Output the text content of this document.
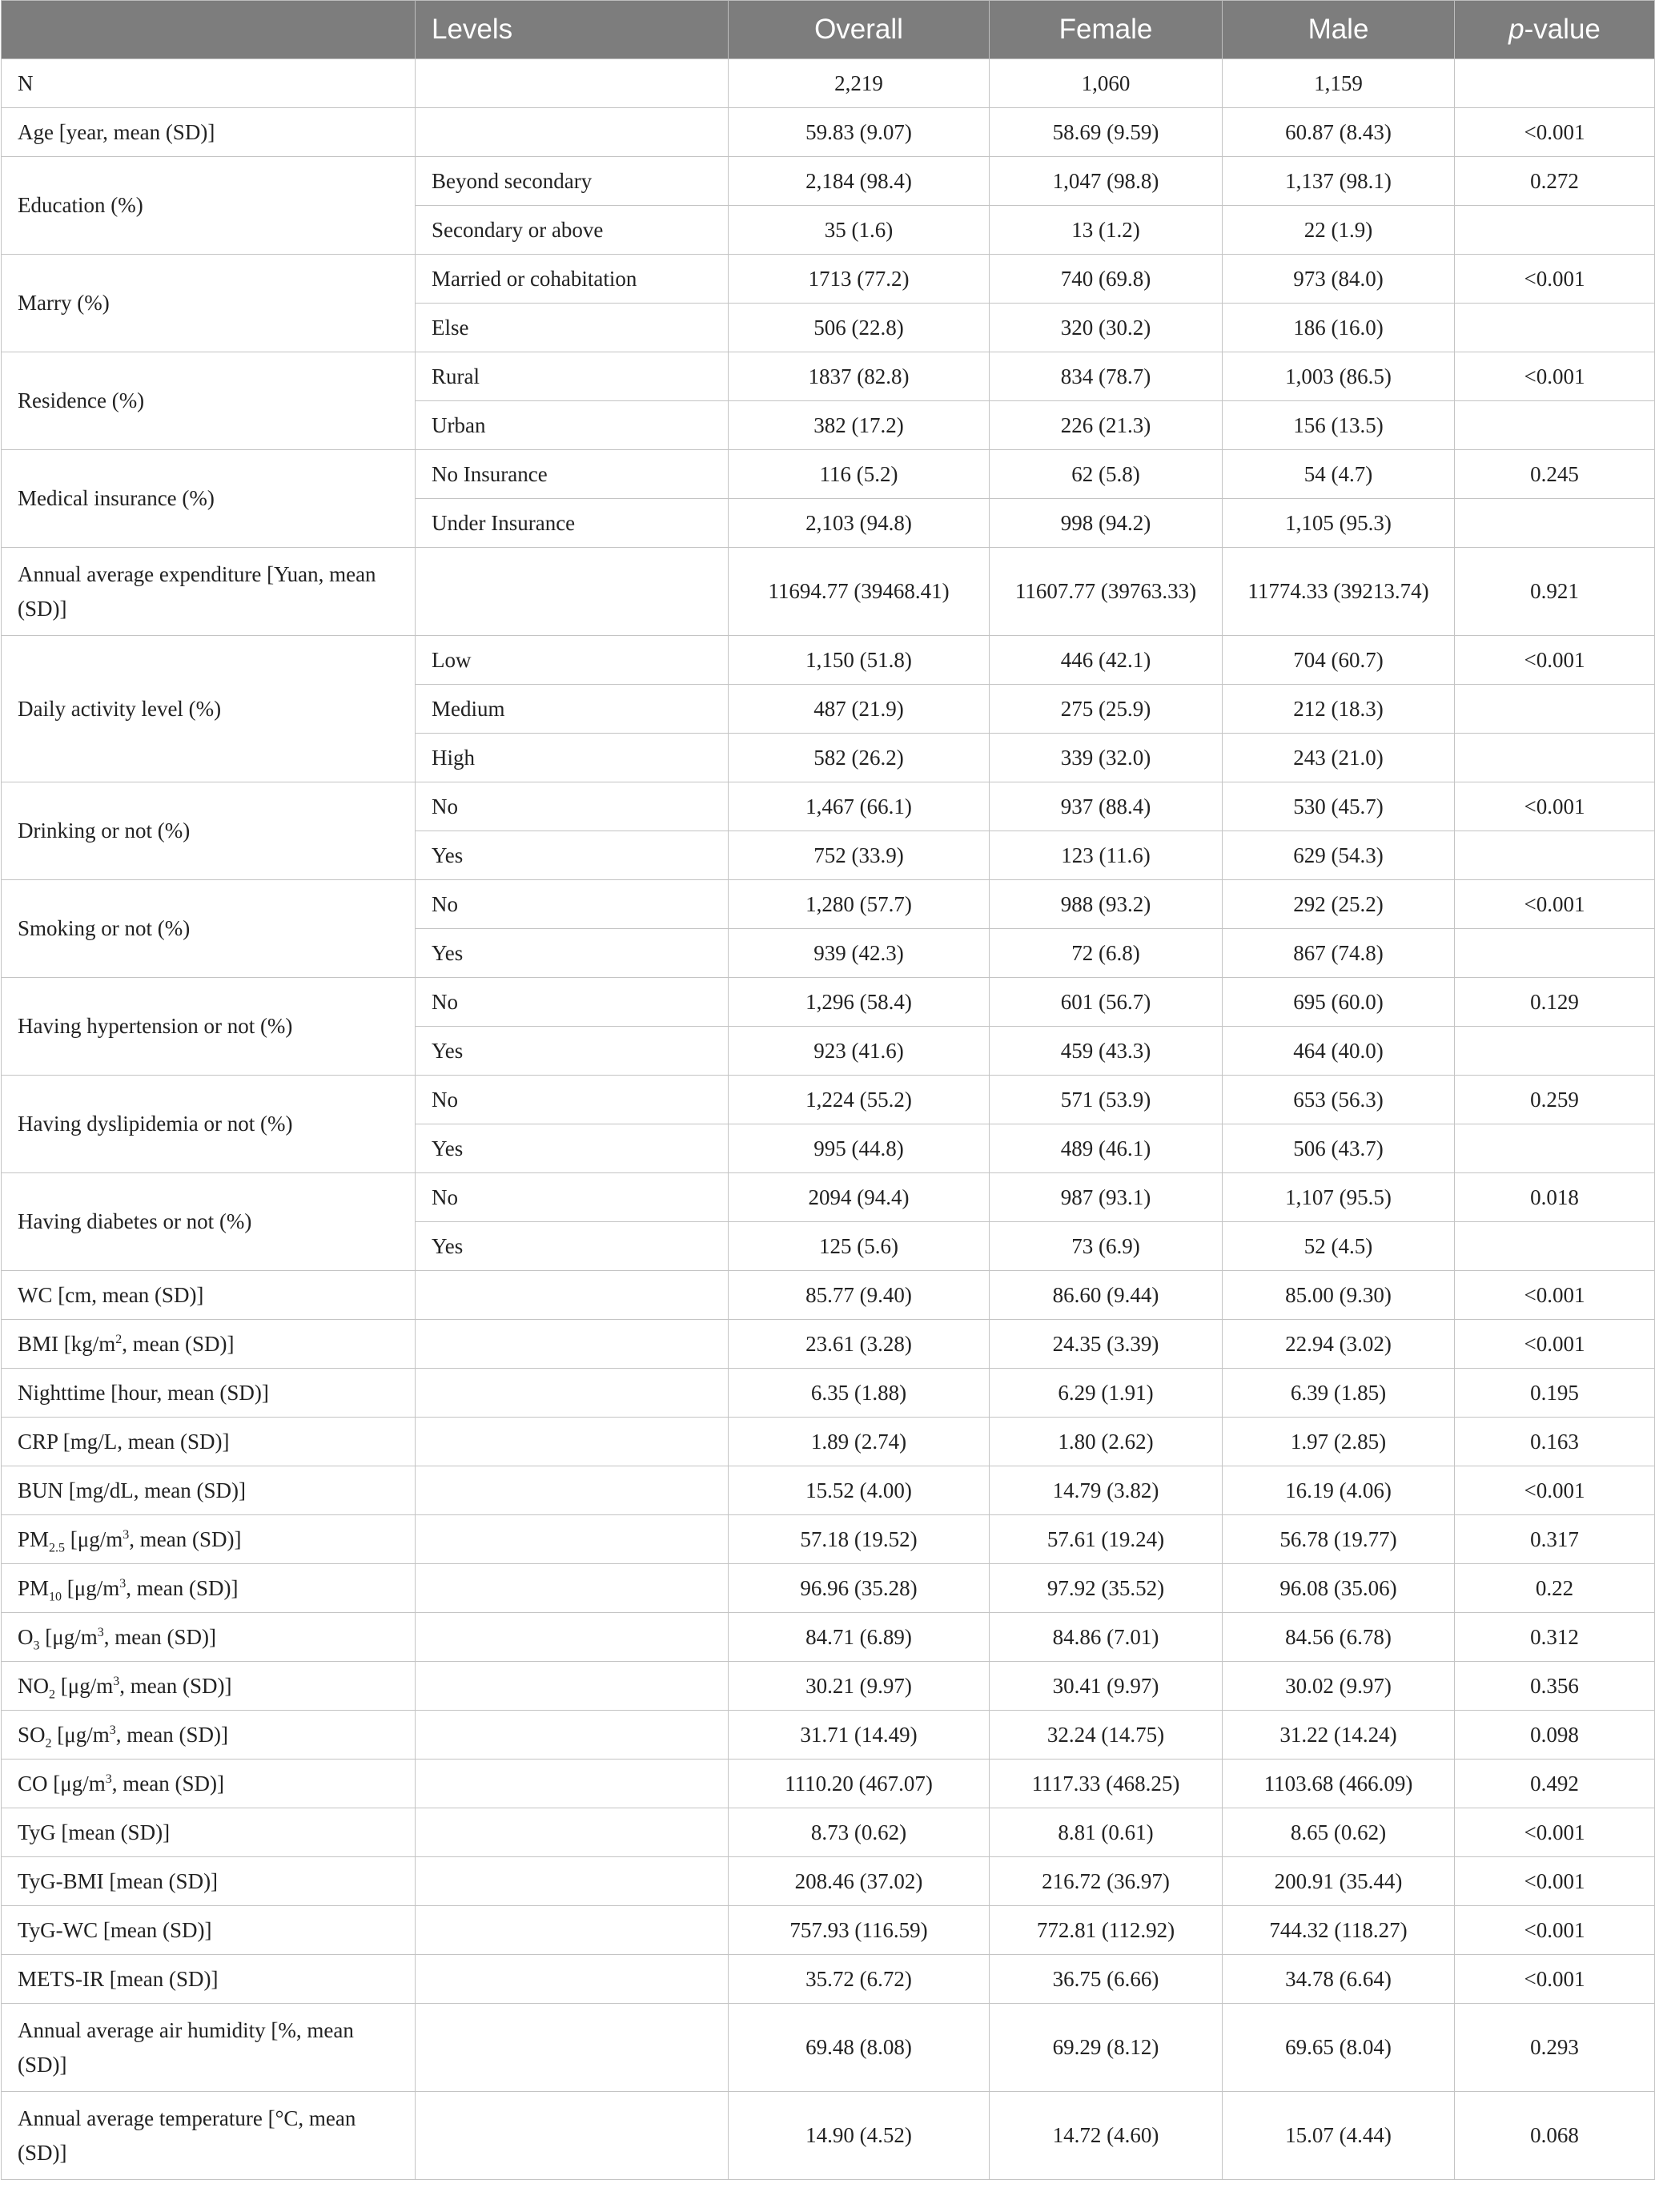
	Levels	Overall	Female	Male	p-value
N		2,219	1,060	1,159	
Age [year, mean (SD)]		59.83 (9.07)	58.69 (9.59)	60.87 (8.43)	<0.001
Education (%)	Beyond secondary	2,184 (98.4)	1,047 (98.8)	1,137 (98.1)	0.272
	Secondary or above	35 (1.6)	13 (1.2)	22 (1.9)	
Marry (%)	Married or cohabitation	1713 (77.2)	740 (69.8)	973 (84.0)	<0.001
	Else	506 (22.8)	320 (30.2)	186 (16.0)	
Residence (%)	Rural	1837 (82.8)	834 (78.7)	1,003 (86.5)	<0.001
	Urban	382 (17.2)	226 (21.3)	156 (13.5)	
Medical insurance (%)	No Insurance	116 (5.2)	62 (5.8)	54 (4.7)	0.245
	Under Insurance	2,103 (94.8)	998 (94.2)	1,105 (95.3)	
Annual average expenditure [Yuan, mean (SD)]		11694.77 (39468.41)	11607.77 (39763.33)	11774.33 (39213.74)	0.921
Daily activity level (%)	Low	1,150 (51.8)	446 (42.1)	704 (60.7)	<0.001
	Medium	487 (21.9)	275 (25.9)	212 (18.3)	
	High	582 (26.2)	339 (32.0)	243 (21.0)	
Drinking or not (%)	No	1,467 (66.1)	937 (88.4)	530 (45.7)	<0.001
	Yes	752 (33.9)	123 (11.6)	629 (54.3)	
Smoking or not (%)	No	1,280 (57.7)	988 (93.2)	292 (25.2)	<0.001
	Yes	939 (42.3)	72 (6.8)	867 (74.8)	
Having hypertension or not (%)	No	1,296 (58.4)	601 (56.7)	695 (60.0)	0.129
	Yes	923 (41.6)	459 (43.3)	464 (40.0)	
Having dyslipidemia or not (%)	No	1,224 (55.2)	571 (53.9)	653 (56.3)	0.259
	Yes	995 (44.8)	489 (46.1)	506 (43.7)	
Having diabetes or not (%)	No	2094 (94.4)	987 (93.1)	1,107 (95.5)	0.018
	Yes	125 (5.6)	73 (6.9)	52 (4.5)	
WC [cm, mean (SD)]		85.77 (9.40)	86.60 (9.44)	85.00 (9.30)	<0.001
BMI [$kg/m^2$, mean (SD)]		23.61 (3.28)	24.35 (3.39)	22.94 (3.02)	<0.001
Nighttime [hour, mean (SD)]		6.35 (1.88)	6.29 (1.91)	6.39 (1.85)	0.195
CRP [mg/L, mean (SD)]		1.89 (2.74)	1.80 (2.62)	1.97 (2.85)	0.163
BUN [mg/dL, mean (SD)]		15.52 (4.00)	14.79 (3.82)	16.19 (4.06)	<0.001
$PM_{2.5}$ [$\mu g/m^3$, mean (SD)]		57.18 (19.52)	57.61 (19.24)	56.78 (19.77)	0.317
$PM_{10}$ [$\mu g/m^3$, mean (SD)]		96.96 (35.28)	97.92 (35.52)	96.08 (35.06)	0.22
$O_3$ [$\mu g/m^3$, mean (SD)]		84.71 (6.89)	84.86 (7.01)	84.56 (6.78)	0.312
$NO_2$ [$\mu g/m^3$, mean (SD)]		30.21 (9.97)	30.41 (9.97)	30.02 (9.97)	0.356
$SO_2$ [$\mu g/m^3$, mean (SD)]		31.71 (14.49)	32.24 (14.75)	31.22 (14.24)	0.098
CO [$\mu g/m^3$, mean (SD)]		1110.20 (467.07)	1117.33 (468.25)	1103.68 (466.09)	0.492
TyG [mean (SD)]		8.73 (0.62)	8.81 (0.61)	8.65 (0.62)	<0.001
TyG-BMI [mean (SD)]		208.46 (37.02)	216.72 (36.97)	200.91 (35.44)	<0.001
TyG-WC [mean (SD)]		757.93 (116.59)	772.81 (112.92)	744.32 (118.27)	<0.001
METS-IR [mean (SD)]		35.72 (6.72)	36.75 (6.66)	34.78 (6.64)	<0.001
Annual average air humidity [%, mean (SD)]		69.48 (8.08)	69.29 (8.12)	69.65 (8.04)	0.293
Annual average temperature [°C, mean (SD)]		14.90 (4.52)	14.72 (4.60)	15.07 (4.44)	0.068
